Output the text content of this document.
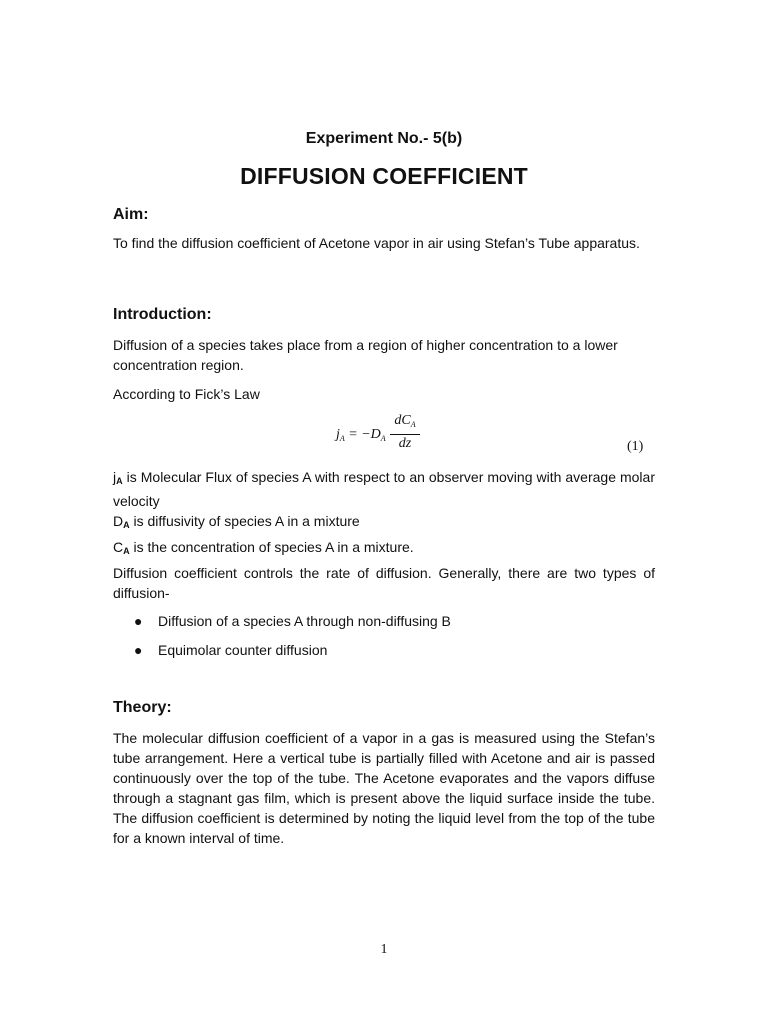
Experiment No.- 5(b)
DIFFUSION COEFFICIENT
Aim:
To find the diffusion coefficient of Acetone vapor in air using Stefan’s Tube apparatus.
Introduction:
Diffusion of a species takes place from a region of higher concentration to a lower concentration region.
According to Fick’s Law
$j_A = -D_A$
$dC_A$
dz	(1)
$j_A$ is Molecular Flux of species A with respect to an observer moving with average molar velocity
$D_A$ is diffusivity of species A in a mixture
$C_A$ is the concentration of species A in a mixture.
Diffusion coefficient controls the rate of diffusion. Generally, there are two types of diffusion-
● Diffusion of a species A through non-diffusing B
● Equimolar counter diffusion
Theory:
The molecular diffusion coefficient of a vapor in a gas is measured using the Stefan’s tube arrangement. Here a vertical tube is partially filled with Acetone and air is passed continuously over the top of the tube. The Acetone evaporates and the vapors diffuse through a stagnant gas film, which is present above the liquid surface inside the tube. The diffusion coefficient is determined by noting the liquid level from the top of the tube for a known interval of time.
1
